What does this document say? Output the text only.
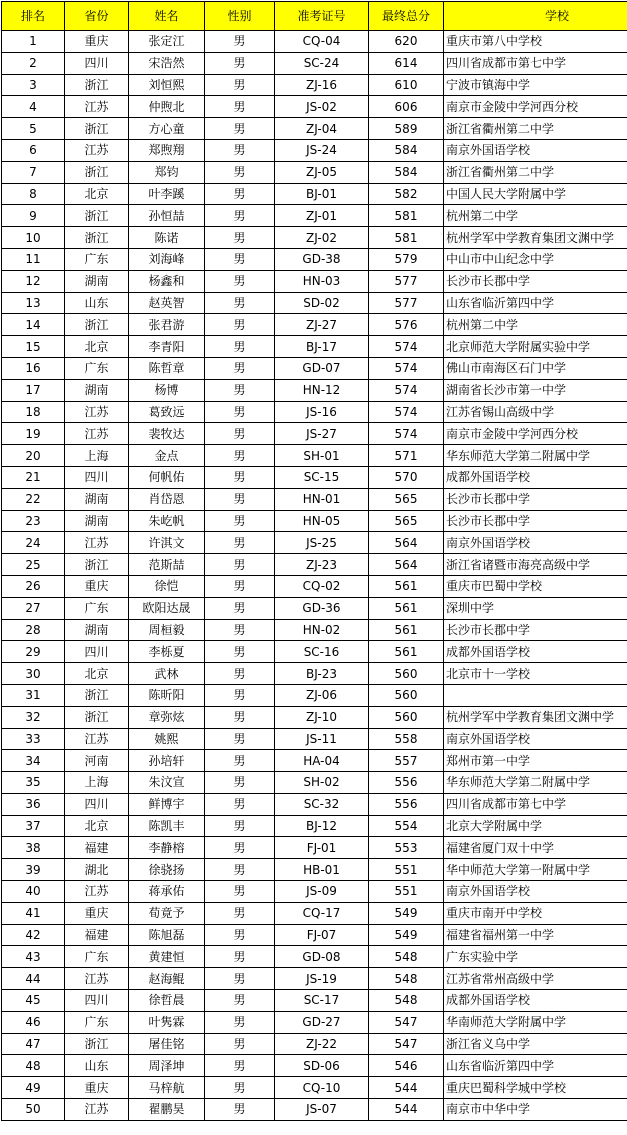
排名	省份	姓名	性别	准考证号	最终总分	学校
1	重庆	张定江	男	CQ-04	620	重庆市第八中学校
2	四川	宋浩然	男	SC-24	614	四川省成都市第七中学
3	浙江	刘恒熙	男	ZJ-16	610	宁波市镇海中学
4	江苏	仲煦北	男	JS-02	606	南京市金陵中学河西分校
5	浙江	方心童	男	ZJ-04	589	浙江省衢州第二中学
6	江苏	郑煦翔	男	JS-24	584	南京外国语学校
7	浙江	郑钧	男	ZJ-05	584	浙江省衢州第二中学
8	北京	叶李蹊	男	BJ-01	582	中国人民大学附属中学
9	浙江	孙恒喆	男	ZJ-01	581	杭州第二中学
10	浙江	陈诺	男	ZJ-02	581	杭州学军中学教育集团文渊中学
11	广东	刘海峰	男	GD-38	579	中山市中山纪念中学
12	湖南	杨鑫和	男	HN-03	577	长沙市长郡中学
13	山东	赵英智	男	SD-02	577	山东省临沂第四中学
14	浙江	张君游	男	ZJ-27	576	杭州第二中学
15	北京	李青阳	男	BJ-17	574	北京师范大学附属实验中学
16	广东	陈哲章	男	GD-07	574	佛山市南海区石门中学
17	湖南	杨博	男	HN-12	574	湖南省长沙市第一中学
18	江苏	葛致远	男	JS-16	574	江苏省锡山高级中学
19	江苏	裴牧达	男	JS-27	574	南京市金陵中学河西分校
20	上海	金点	男	SH-01	571	华东师范大学第二附属中学
21	四川	何帆佑	男	SC-15	570	成都外国语学校
22	湖南	肖岱恩	男	HN-01	565	长沙市长郡中学
23	湖南	朱屹帆	男	HN-05	565	长沙市长郡中学
24	江苏	许淇文	男	JS-25	564	南京外国语学校
25	浙江	范斯喆	男	ZJ-23	564	浙江省诸暨市海亮高级中学
26	重庆	徐恺	男	CQ-02	561	重庆市巴蜀中学校
27	广东	欧阳达晟	男	GD-36	561	深圳中学
28	湖南	周桓毅	男	HN-02	561	长沙市长郡中学
29	四川	李栎夏	男	SC-16	561	成都外国语学校
30	北京	武林	男	BJ-23	560	北京市十一学校
31	浙江	陈昕阳	男	ZJ-06	560	
32	浙江	章弥炫	男	ZJ-10	560	杭州学军中学教育集团文渊中学
33	江苏	姚熙	男	JS-11	558	南京外国语学校
34	河南	孙培轩	男	HA-04	557	郑州市第一中学
35	上海	朱汶宣	男	SH-02	556	华东师范大学第二附属中学
36	四川	鲜博宇	男	SC-32	556	四川省成都市第七中学
37	北京	陈凯丰	男	BJ-12	554	北京大学附属中学
38	福建	李静榕	男	FJ-01	553	福建省厦门双十中学
39	湖北	徐骁扬	男	HB-01	551	华中师范大学第一附属中学
40	江苏	蒋承佑	男	JS-09	551	南京外国语学校
41	重庆	荀竟予	男	CQ-17	549	重庆市南开中学校
42	福建	陈旭磊	男	FJ-07	549	福建省福州第一中学
43	广东	黄建恒	男	GD-08	548	广东实验中学
44	江苏	赵海鲲	男	JS-19	548	江苏省常州高级中学
45	四川	徐哲晨	男	SC-17	548	成都外国语学校
46	广东	叶隽霖	男	GD-27	547	华南师范大学附属中学
47	浙江	屠佳铭	男	ZJ-22	547	浙江省义乌中学
48	山东	周泽坤	男	SD-06	546	山东省临沂第四中学
49	重庆	马梓航	男	CQ-10	544	重庆巴蜀科学城中学校
50	江苏	翟鹏昊	男	JS-07	544	南京市中华中学
